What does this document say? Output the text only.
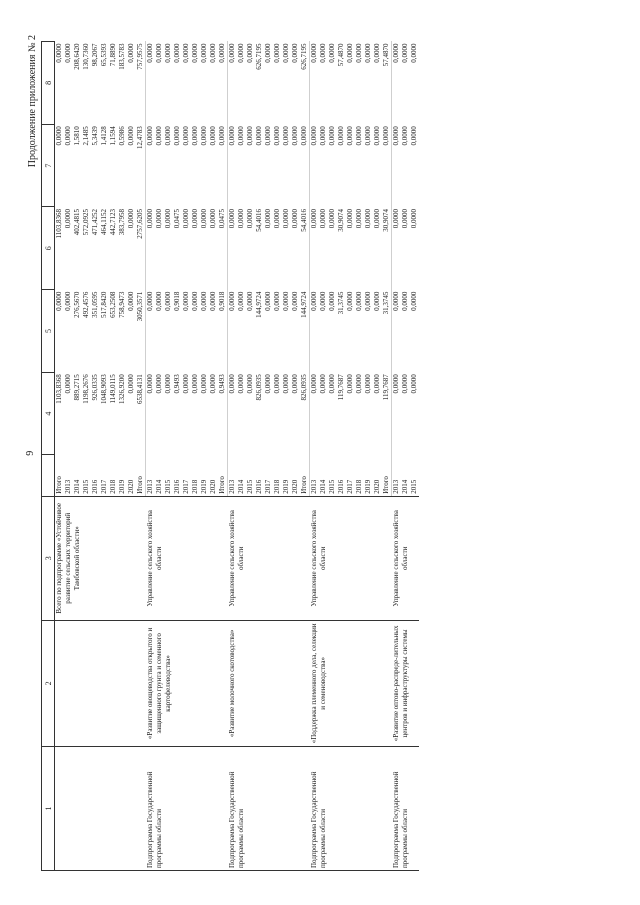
9
Продолжение приложения № 2
1	2	3		4	5	6	7	8
		Всего по подпрограмме «Устойчивое развитие сельских территорий Тамбовской области»	Итого	1103,8368	0,0000	1103,8368	0,0000	0,0000
			2013	0,0000	0,0000	0,0000	0,0000	0,0000
			2014	889,2715	276,5670	402,4815	1,5810	208,6420
			2015	1198,2676	492,4576	572,0925	2,1485	130,7360
			2016	926,0335	351,0595	471,4252	5,3439	98,2067
			2017	1048,9093	517,8420	464,1152	1,4128	65,5393
			2018	1149,0115	653,2508	442,7123	1,1594	71,8890
			2019	1326,9200	758,9473	383,7958	0,5986	183,5783
			2020	0,0000	0,0000	0,0000	0,0000	0,0000
			Итого	6538,4131	3050,3571	2757,6205	12,4783	757,9575
Подпрограмма Государственной программы области	«Развитие овощеводства открытого и защищенного грунта и семенного картофелеводства»	Управление сельского хозяйства области	2013	0,0000	0,0000	0,0000	0,0000	0,0000
			2014	0,0000	0,0000	0,0000	0,0000	0,0000
			2015	0,0000	0,0000	0,0000	0,0000	0,0000
			2016	0,9493	0,9018	0,0475	0,0000	0,0000
			2017	0,0000	0,0000	0,0000	0,0000	0,0000
			2018	0,0000	0,0000	0,0000	0,0000	0,0000
			2019	0,0000	0,0000	0,0000	0,0000	0,0000
			2020	0,0000	0,0000	0,0000	0,0000	0,0000
			Итого	0,9493	0,9018	0,0475	0,0000	0,0000
Подпрограмма Государственной программы области	«Развитие молочного скотоводства»	Управление сельского хозяйства области	2013	0,0000	0,0000	0,0000	0,0000	0,0000
			2014	0,0000	0,0000	0,0000	0,0000	0,0000
			2015	0,0000	0,0000	0,0000	0,0000	0,0000
			2016	826,0935	144,9724	54,4016	0,0000	626,7195
			2017	0,0000	0,0000	0,0000	0,0000	0,0000
			2018	0,0000	0,0000	0,0000	0,0000	0,0000
			2019	0,0000	0,0000	0,0000	0,0000	0,0000
			2020	0,0000	0,0000	0,0000	0,0000	0,0000
			Итого	826,0935	144,9724	54,4016	0,0000	626,7195
Подпрограмма Государственной программы области	«Поддержка племенного дела, селекции и семеноводства»	Управление сельского хозяйства области	2013	0,0000	0,0000	0,0000	0,0000	0,0000
			2014	0,0000	0,0000	0,0000	0,0000	0,0000
			2015	0,0000	0,0000	0,0000	0,0000	0,0000
			2016	119,7687	31,3745	30,9074	0,0000	57,4870
			2017	0,0000	0,0000	0,0000	0,0000	0,0000
			2018	0,0000	0,0000	0,0000	0,0000	0,0000
			2019	0,0000	0,0000	0,0000	0,0000	0,0000
			2020	0,0000	0,0000	0,0000	0,0000	0,0000
			Итого	119,7687	31,3745	30,9074	0,0000	57,4870
Подпрограмма Государственной программы области	«Развитие оптово-распреде-лительных центров и инфраструктуры системы	Управление сельского хозяйства области	2013	0,0000	0,0000	0,0000	0,0000	0,0000
			2014	0,0000	0,0000	0,0000	0,0000	0,0000
			2015	0,0000	0,0000	0,0000	0,0000	0,0000
